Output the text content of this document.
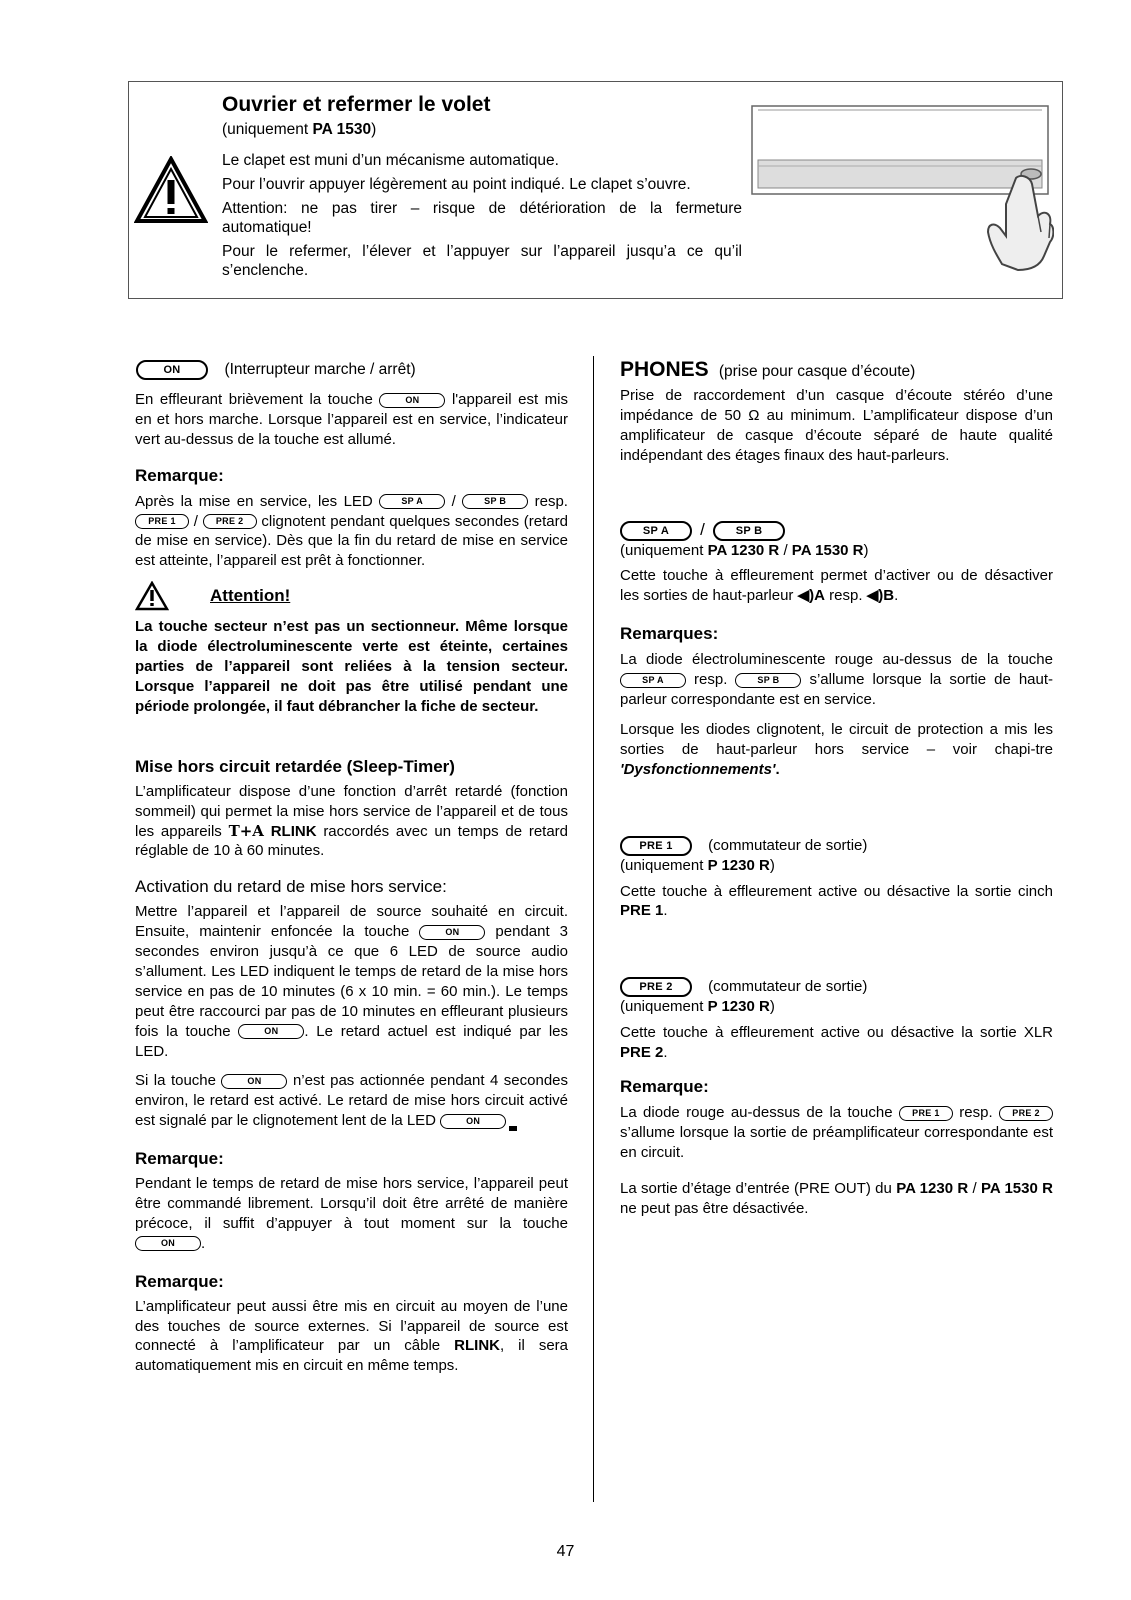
Ouvrier et refermer le volet
(uniquement PA 1530)

Le clapet est muni d’un mécanisme automatique.

Pour l’ouvrir appuyer légèrement au point indiqué. Le clapet s’ouvre.

Attention: ne pas tirer – risque de détérioration de la fermeture automatique!

Pour le refermer, l’élever et l’appuyer sur l’appareil jusqu’a ce qu’il s’enclenche.

ON	(Interrupteur marche / arrêt)

En effleurant brièvement la touche	ON l'appareil est mis en et hors marche. Lorsque l’appareil est en service, l’indicateur vert au-dessus de la touche est allumé.

Remarque:

Après la mise en service, les LED	SP A /	SP B resp. PRE 1 / PRE 2 clignotent pendant quelques secondes (retard de mise en service). Dès que la fin du retard de mise en service est atteinte, l’appareil est prêt à fonctionner.

Attention!

La touche secteur n’est pas un sectionneur. Même lorsque la diode électroluminescente verte est éteinte, certaines parties de l’appareil sont reliées à la tension secteur. Lorsque l’appareil ne doit pas être utilisé pendant une période prolongée, il faut débrancher la fiche de secteur.

Mise hors circuit retardée (Sleep-Timer)

L’amplificateur dispose d’une fonction d’arrêt retardé (fonction sommeil) qui permet la mise hors service de l’appareil et de tous les appareils T+A RLINK raccordés avec un temps de retard réglable de 10 à 60 minutes.

Activation du retard de mise hors service:

Mettre l’appareil et l’appareil de source souhaité en circuit. Ensuite, maintenir enfoncée la touche	ON pendant 3 secondes environ jusqu’à ce que 6 LED de source audio s’allument. Les LED indiquent le temps de retard de la mise hors service en pas de 10 minutes (6 x 10 min. = 60 min.). Le temps peut être raccourci par pas de 10 minutes en effleurant plusieurs fois la touche	ON . Le retard actuel est indiqué par les LED.

Si la touche	ON n’est pas actionnée pendant 4 secondes environ, le retard est activé. Le retard de mise hors circuit activé est signalé par le clignotement lent de la LED	ON

Remarque:

Pendant le temps de retard de mise hors service, l’appareil peut être commandé librement. Lorsqu’il doit être arrêté de manière précoce, il suffit d’appuyer à tout moment sur la touche ON .

Remarque:

L’amplificateur peut aussi être mis en circuit au moyen de l’une des touches de source externes. Si l’appareil de source est connecté à l’amplificateur par un câble RLINK, il sera automatiquement mis en circuit en même temps.

PHONES (prise pour casque d’écoute)

Prise de raccordement d’un casque d’écoute stéréo d’une impédance de 50 Ω au minimum. L’amplificateur dispose d’un amplificateur de casque d’écoute séparé de haute qualité indépendant des étages finaux des haut-parleurs.

SP A /	SP B

(uniquement PA 1230 R / PA 1530 R)

Cette touche à effleurement permet d’activer ou de désactiver les sorties de haut-parleur ◀)A resp. ◀)B.

Remarques:

La diode électroluminescente rouge au-dessus de la touche SP A resp.	SP B s’allume lorsque la sortie de haut-parleur correspondante est en service.

Lorsque les diodes clignotent, le circuit de protection a mis les sorties de haut-parleur hors service – voir chapi-tre 'Dysfonctionnements'.

PRE 1 (commutateur de sortie)

(uniquement P 1230 R)

Cette touche à effleurement active ou désactive la sortie cinch PRE 1.

PRE 2 (commutateur de sortie)

(uniquement P 1230 R)

Cette touche à effleurement active ou désactive la sortie XLR PRE 2.

Remarque:

La diode rouge au-dessus de la touche PRE 1 resp. PRE 2 s’allume lorsque la sortie de préamplificateur correspondante est en circuit.

La sortie d’étage d’entrée (PRE OUT) du PA 1230 R / PA 1530 R ne peut pas être désactivée.

47
